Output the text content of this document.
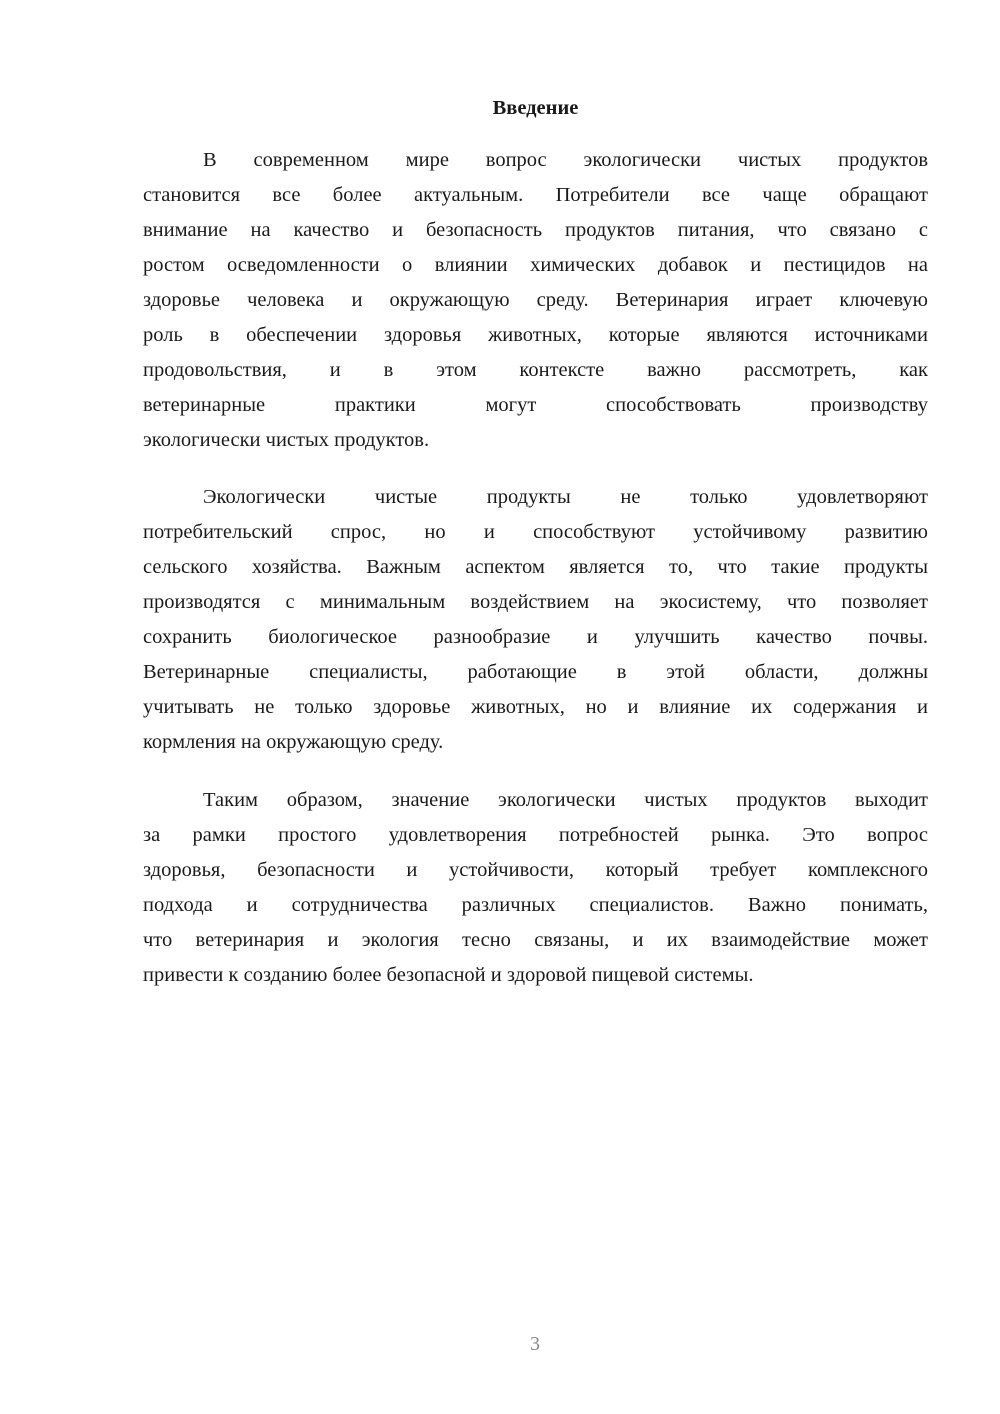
Введение
В современном мире вопрос экологически чистых продуктов
становится все более актуальным. Потребители все чаще обращают
внимание на качество и безопасность продуктов питания, что связано с
ростом осведомленности о влиянии химических добавок и пестицидов на
здоровье человека и окружающую среду. Ветеринария играет ключевую
роль в обеспечении здоровья животных, которые являются источниками
продовольствия, и в этом контексте важно рассмотреть, как
ветеринарные практики могут способствовать производству
экологически чистых продуктов.
Экологически чистые продукты не только удовлетворяют
потребительский спрос, но и способствуют устойчивому развитию
сельского хозяйства. Важным аспектом является то, что такие продукты
производятся с минимальным воздействием на экосистему, что позволяет
сохранить биологическое разнообразие и улучшить качество почвы.
Ветеринарные специалисты, работающие в этой области, должны
учитывать не только здоровье животных, но и влияние их содержания и
кормления на окружающую среду.
Таким образом, значение экологически чистых продуктов выходит
за рамки простого удовлетворения потребностей рынка. Это вопрос
здоровья, безопасности и устойчивости, который требует комплексного
подхода и сотрудничества различных специалистов. Важно понимать,
что ветеринария и экология тесно связаны, и их взаимодействие может
привести к созданию более безопасной и здоровой пищевой системы.
3
